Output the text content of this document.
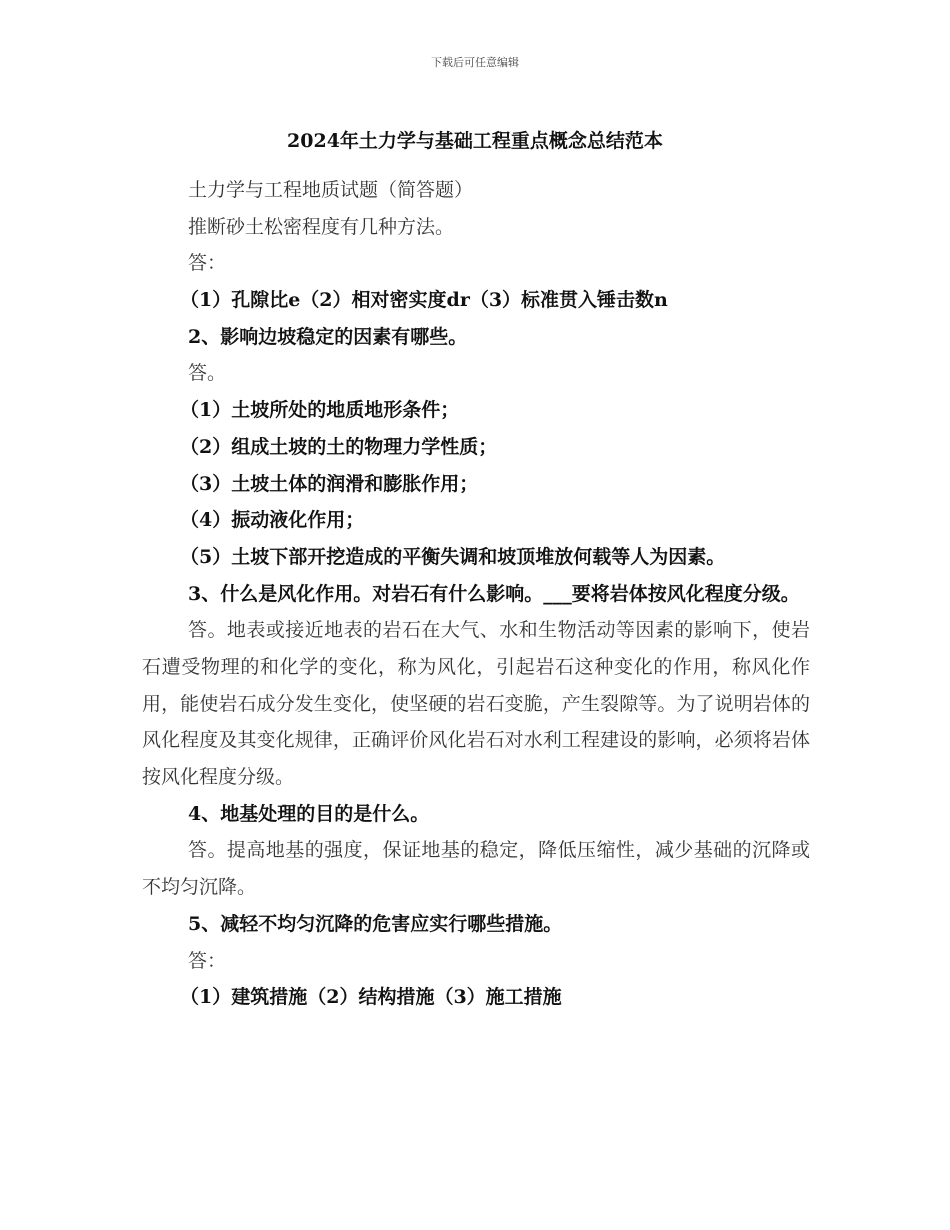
下载后可任意编辑
2024年土力学与基础工程重点概念总结范本
土力学与工程地质试题（简答题）
推断砂土松密程度有几种方法。
答：
（1）孔隙比e（2）相对密实度dr（3）标准贯入锤击数n
2、影响边坡稳定的因素有哪些。
答。
（1）土坡所处的地质地形条件；
（2）组成土坡的土的物理力学性质；
（3）土坡土体的润滑和膨胀作用；
（4）振动液化作用；
（5）土坡下部开挖造成的平衡失调和坡顶堆放何载等人为因素。

3、什么是风化作用。对岩石有什么影响。___要将岩体按风化程度分级。

答。地表或接近地表的岩石在大气、水和生物活动等因素的影响下，使岩石遭受物理的和化学的变化，称为风化，引起岩石这种变化的作用，称风化作用，能使岩石成分发生变化，使坚硬的岩石变脆，产生裂隙等。为了说明岩体的风化程度及其变化规律，正确评价风化岩石对水利工程建设的影响，必须将岩体按风化程度分级。

4、地基处理的目的是什么。

答。提高地基的强度，保证地基的稳定，降低压缩性，减少基础的沉降或不均匀沉降。

5、减轻不均匀沉降的危害应实行哪些措施。
答：
（1）建筑措施（2）结构措施（3）施工措施
